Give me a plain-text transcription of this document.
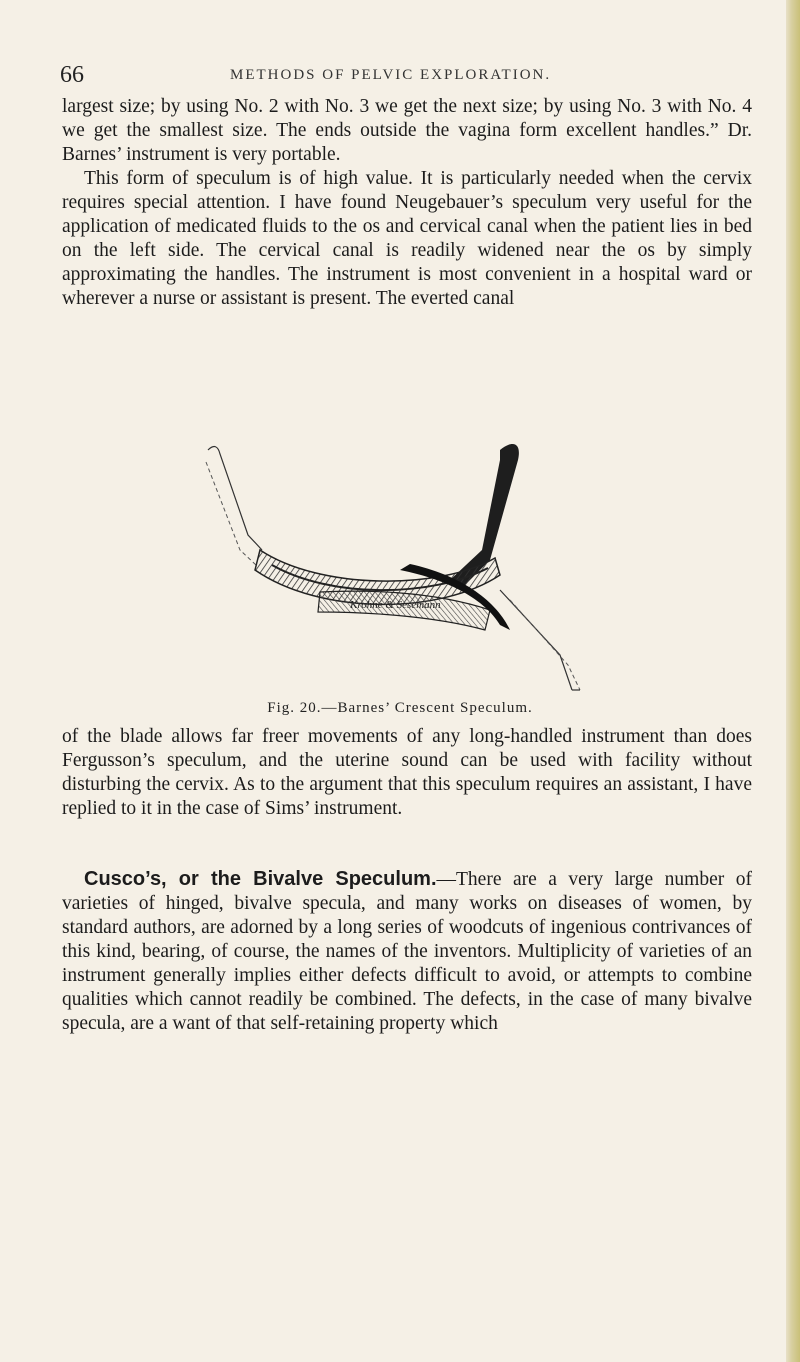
66	METHODS OF PELVIC EXPLORATION.

largest size; by using No. 2 with No. 3 we get the next size; by using No. 3 with No. 4 we get the smallest size. The ends outside the vagina form excellent handles.” Dr. Barnes’ instrument is very portable.

This form of speculum is of high value. It is particularly needed when the cervix requires special attention. I have found Neugebauer’s speculum very useful for the application of medicated fluids to the os and cervical canal when the patient lies in bed on the left side. The cervical canal is readily widened near the os by simply approximating the handles. The instrument is most convenient in a hospital ward or wherever a nurse or assistant is present. The everted canal

Krohne & Sesemann
Fig. 20.—Barnes’ Crescent Speculum.

of the blade allows far freer movements of any long-handled instrument than does Fergusson’s speculum, and the uterine sound can be used with facility without disturbing the cervix. As to the argument that this speculum requires an assistant, I have replied to it in the case of Sims’ instrument.

Cusco’s, or the Bivalve Speculum.—There are a very large number of varieties of hinged, bivalve specula, and many works on diseases of women, by standard authors, are adorned by a long series of woodcuts of ingenious contrivances of this kind, bearing, of course, the names of the inventors. Multiplicity of varieties of an instrument generally implies either defects difficult to avoid, or attempts to combine qualities which cannot readily be combined. The defects, in the case of many bivalve specula, are a want of that self-retaining property which
